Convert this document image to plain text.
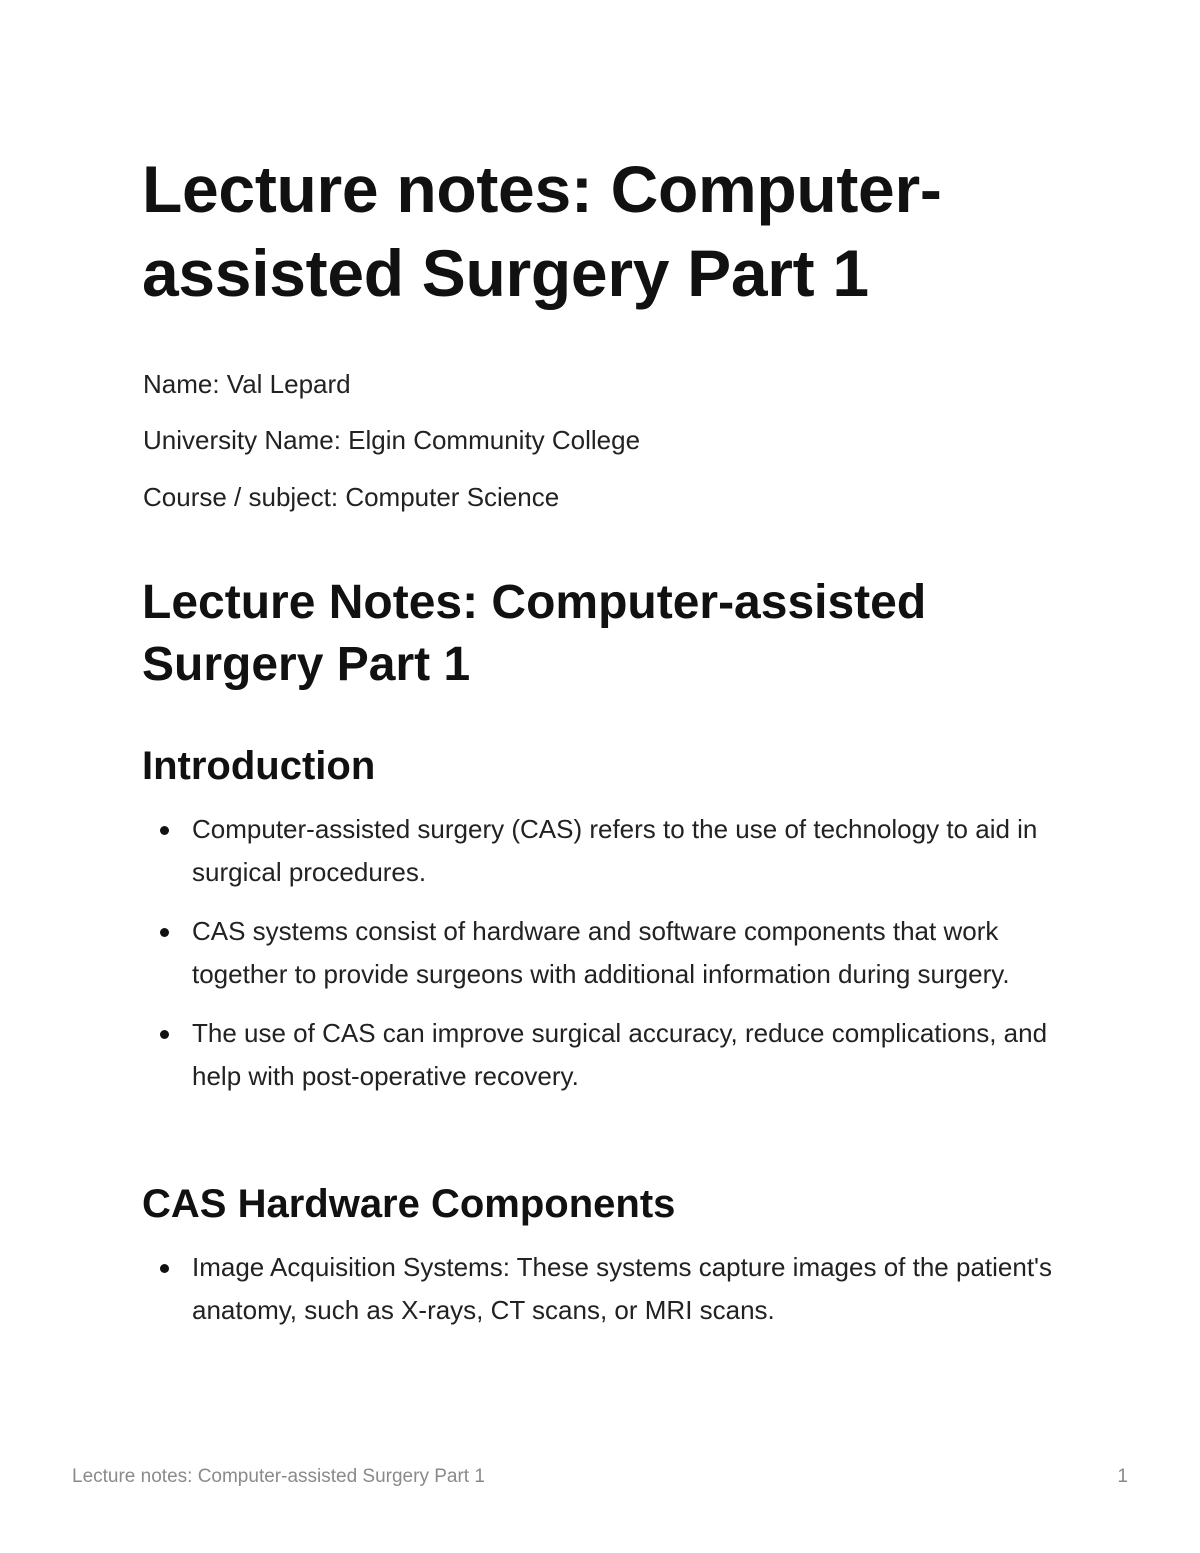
Lecture notes: Computer-assisted Surgery Part 1

Name: Val Lepard

University Name: Elgin Community College

Course / subject: Computer Science

Lecture Notes: Computer-assisted Surgery Part 1
Introduction
Computer-assisted surgery (CAS) refers to the use of technology to aid in surgical procedures.
CAS systems consist of hardware and software components that work together to provide surgeons with additional information during surgery.
The use of CAS can improve surgical accuracy, reduce complications, and help with post-operative recovery.
CAS Hardware Components
Image Acquisition Systems: These systems capture images of the patient's anatomy, such as X-rays, CT scans, or MRI scans.
Lecture notes: Computer-assisted Surgery Part 1	1
